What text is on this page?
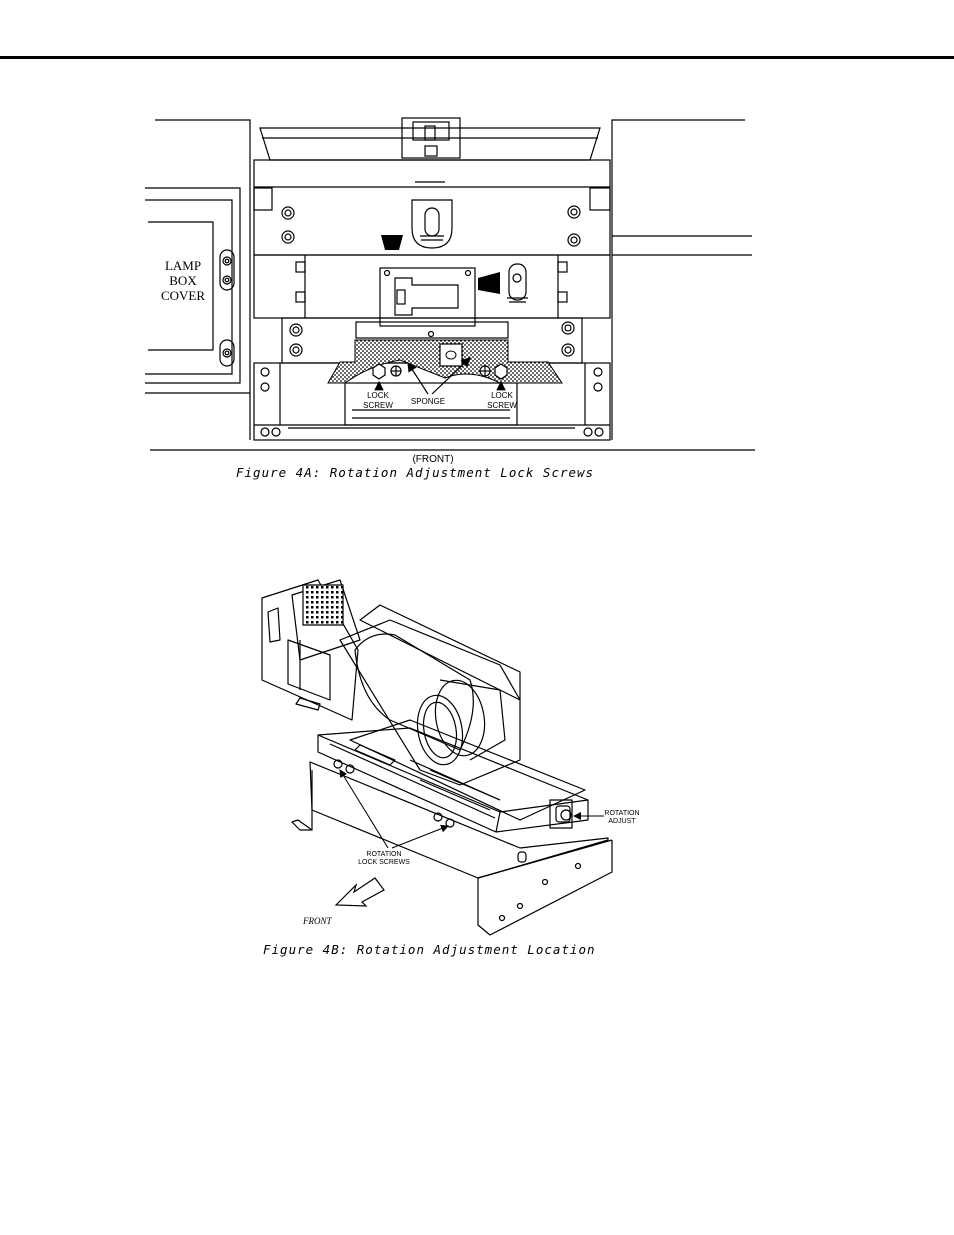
LAMP
BOX
COVER
LOCK
SCREW SPONGE
LOCK
SCREW
(FRONT)
Figure 4A: Rotation Adjustment Lock Screws
ROTATION
ADJUST
ROTATION
LOCK SCREWS
FRONT
Figure 4B: Rotation Adjustment Location
